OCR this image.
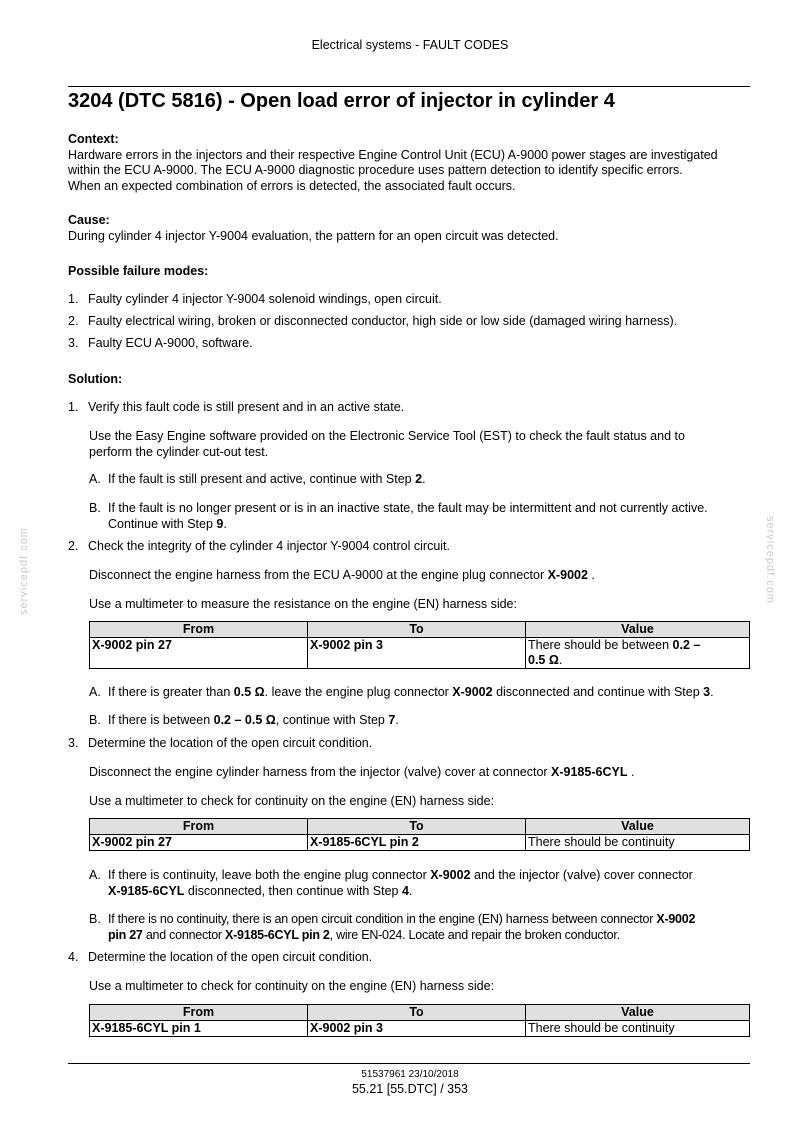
Electrical systems - FAULT CODES
3204 (DTC 5816) - Open load error of injector in cylinder 4
Context:
Hardware errors in the injectors and their respective Engine Control Unit (ECU) A-9000 power stages are investigated
within the ECU A-9000. The ECU A-9000 diagnostic procedure uses pattern detection to identify specific errors.
When an expected combination of errors is detected, the associated fault occurs.
Cause:
During cylinder 4 injector Y-9004 evaluation, the pattern for an open circuit was detected.
Possible failure modes:
1. Faulty cylinder 4 injector Y-9004 solenoid windings, open circuit.
2. Faulty electrical wiring, broken or disconnected conductor, high side or low side (damaged wiring harness).
3. Faulty ECU A-9000, software.
Solution:
1. Verify this fault code is still present and in an active state.
Use the Easy Engine software provided on the Electronic Service Tool (EST) to check the fault status and to
perform the cylinder cut-out test.
A. If the fault is still present and active, continue with Step 2.
B. If the fault is no longer present or is in an inactive state, the fault may be intermittent and not currently active.
Continue with Step 9.
2. Check the integrity of the cylinder 4 injector Y-9004 control circuit.
Disconnect the engine harness from the ECU A-9000 at the engine plug connector X-9002 .
Use a multimeter to measure the resistance on the engine (EN) harness side:
From	To	Value
X-9002 pin 27	X-9002 pin 3	There should be between 0.2 –
0.5 Ω.
A. If there is greater than 0.5 Ω. leave the engine plug connector X-9002 disconnected and continue with Step 3.
B. If there is between 0.2 – 0.5 Ω, continue with Step 7.
3. Determine the location of the open circuit condition.
Disconnect the engine cylinder harness from the injector (valve) cover at connector X-9185-6CYL .
Use a multimeter to check for continuity on the engine (EN) harness side:
From	To	Value
X-9002 pin 27	X-9185-6CYL pin 2	There should be continuity
A. If there is continuity, leave both the engine plug connector X-9002 and the injector (valve) cover connector
X-9185-6CYL disconnected, then continue with Step 4.
B. If there is no continuity, there is an open circuit condition in the engine (EN) harness between connector X-9002
pin 27 and connector X-9185-6CYL pin 2, wire EN-024. Locate and repair the broken conductor.
4. Determine the location of the open circuit condition.
Use a multimeter to check for continuity on the engine (EN) harness side:
From	To	Value
X-9185-6CYL pin 1	X-9002 pin 3	There should be continuity
servicepdf.com	servicepdf.com
51537961 23/10/2018
55.21 [55.DTC] / 353
